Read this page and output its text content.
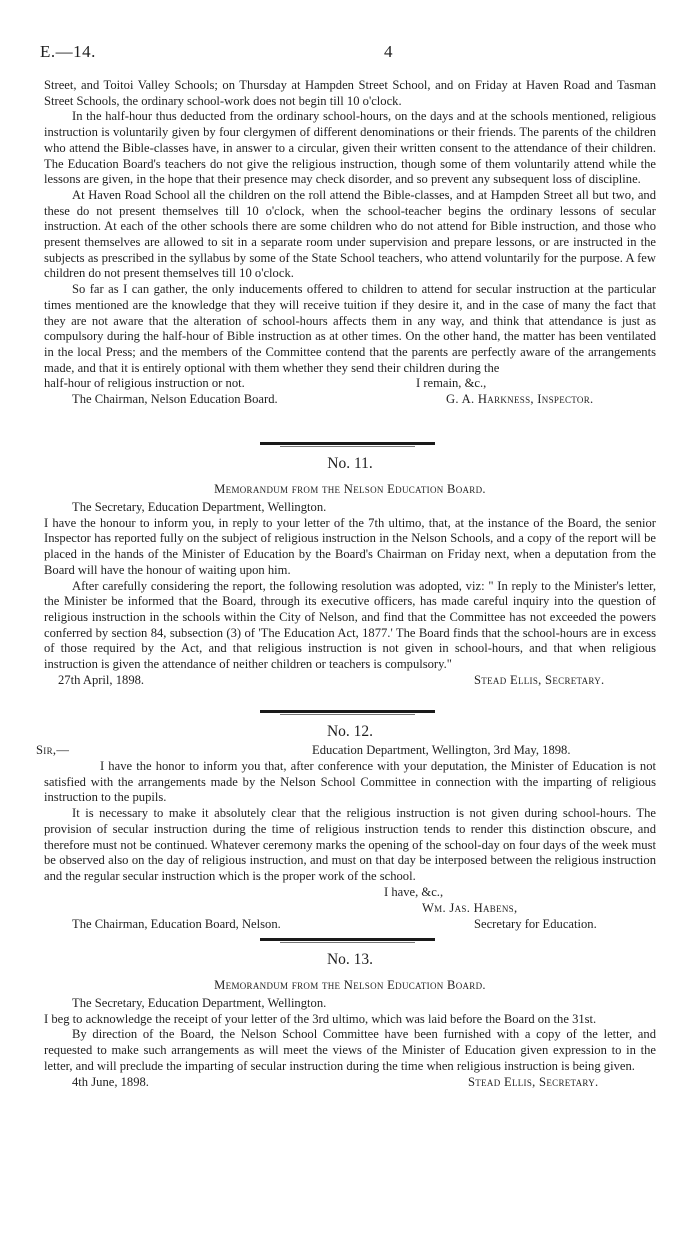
E.—14.	4

Street, and Toitoi Valley Schools; on Thursday at Hampden Street School, and on Friday at Haven Road and Tasman Street Schools, the ordinary school-work does not begin till 10 o'clock.

In the half-hour thus deducted from the ordinary school-hours, on the days and at the schools mentioned, religious instruction is voluntarily given by four clergymen of different denominations or their friends. The parents of the children who attend the Bible-classes have, in answer to a circular, given their written consent to the attendance of their children. The Education Board's teachers do not give the religious instruction, though some of them voluntarily attend while the lessons are given, in the hope that their presence may check disorder, and so prevent any subsequent loss of discipline.

At Haven Road School all the children on the roll attend the Bible-classes, and at Hampden Street all but two, and these do not present themselves till 10 o'clock, when the school-teacher begins the ordinary lessons of secular instruction. At each of the other schools there are some children who do not attend for Bible instruction, and those who present themselves are allowed to sit in a separate room under supervision and prepare lessons, or are instructed in the subjects as prescribed in the syllabus by some of the State School teachers, who attend voluntarily for the purpose. A few children do not present themselves till 10 o'clock.

So far as I can gather, the only inducements offered to children to attend for secular instruction at the particular times mentioned are the knowledge that they will receive tuition if they desire it, and in the case of many the fact that they are not aware that the alteration of school-hours affects them in any way, and think that attendance is just as compulsory during the half-hour of Bible instruction as at other times. On the other hand, the matter has been ventilated in the local Press; and the members of the Committee contend that the parents are perfectly aware of the arrangements made, and that it is entirely optional with them whether they send their children during the

half-hour of religious instruction or not.	I remain, &c.,
The Chairman, Nelson Education Board.	G. A. Harkness, Inspector.
No. 11.
Memorandum from the Nelson Education Board.

The Secretary, Education Department, Wellington.

I have the honour to inform you, in reply to your letter of the 7th ultimo, that, at the instance of the Board, the senior Inspector has reported fully on the subject of religious instruction in the Nelson Schools, and a copy of the report will be placed in the hands of the Minister of Education by the Board's Chairman on Friday next, when a deputation from the Board will have the honour of waiting upon him.

After carefully considering the report, the following resolution was adopted, viz: " In reply to the Minister's letter, the Minister be informed that the Board, through its executive officers, has made careful inquiry into the question of religious instruction in the schools within the City of Nelson, and find that the Committee has not exceeded the powers conferred by section 84, subsection (3) of 'The Education Act, 1877.' The Board finds that the school-hours are in excess of those required by the Act, and that religious instruction is not given in school-hours, and that when religious instruction is given the attendance of neither children or teachers is compulsory."

27th April, 1898.	Stead Ellis, Secretary.
No. 12.
Sir,—	Education Department, Wellington, 3rd May, 1898.

I have the honor to inform you that, after conference with your deputation, the Minister of Education is not satisfied with the arrangements made by the Nelson School Committee in connection with the imparting of religious instruction to the pupils.

It is necessary to make it absolutely clear that the religious instruction is not given during school-hours. The provision of secular instruction during the time of religious instruction tends to render this distinction obscure, and therefore must not be continued. Whatever ceremony marks the opening of the school-day on four days of the week must be observed also on the day of religious instruction, and must on that day be interposed between the religious instruction and the regular secular instruction which is the proper work of the school.

I have, &c.,
Wm. Jas. Habens,
The Chairman, Education Board, Nelson.	Secretary for Education.
No. 13.
Memorandum from the Nelson Education Board.

The Secretary, Education Department, Wellington.

I beg to acknowledge the receipt of your letter of the 3rd ultimo, which was laid before the Board on the 31st.

By direction of the Board, the Nelson School Committee have been furnished with a copy of the letter, and requested to make such arrangements as will meet the views of the Minister of Education given expression to in the letter, and will preclude the imparting of secular instruction during the time when religious instruction is being given.

4th June, 1898.	Stead Ellis, Secretary.
